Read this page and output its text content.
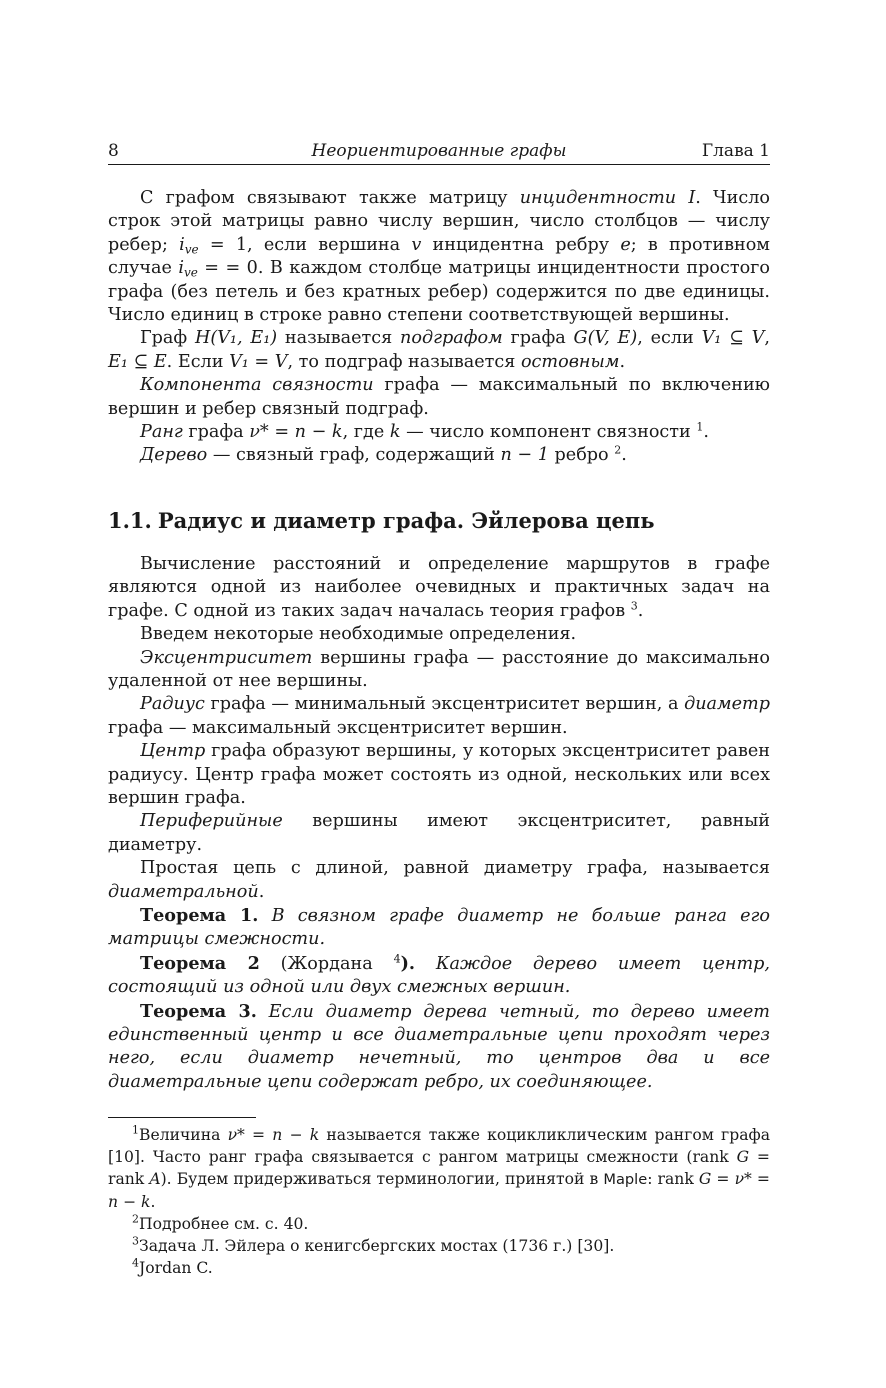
8	Неориентированные графы	Глава 1

С графом связывают также матрицу инцидентности I. Число строк этой матрицы равно числу вершин, число столбцов — числу ребер; $i_{ve} = 1$, если вершина v инцидентна ребру e; в противном случае $i_{ve}$ = = 0. В каждом столбце матрицы инцидентности простого графа (без петель и без кратных ребер) содержится по две единицы. Число единиц в строке равно степени соответствующей вершины.

Граф H(V₁, E₁) называется подграфом графа G(V, E), если V₁ ⊆ V, E₁ ⊆ E. Если V₁ = V, то подграф называется остовным.

Компонента связности графа — максимальный по включению вершин и ребер связный подграф.

Ранг графа ν* = n − k, где k — число компонент связности $^1$.

Дерево — связный граф, содержащий n − 1 ребро $^2$.

1.1. Радиус и диаметр графа. Эйлерова цепь

Вычисление расстояний и определение маршрутов в графе являются одной из наиболее очевидных и практичных задач на графе. С одной из таких задач началась теория графов $^3$.

Введем некоторые необходимые определения.

Эксцентриситет вершины графа — расстояние до максимально удаленной от нее вершины.

Радиус графа — минимальный эксцентриситет вершин, а диаметр графа — максимальный эксцентриситет вершин.

Центр графа образуют вершины, у которых эксцентриситет равен радиусу. Центр графа может состоять из одной, нескольких или всех вершин графа.

Периферийные вершины имеют эксцентриситет, равный диаметру.

Простая цепь с длиной, равной диаметру графа, называется диаметральной.

Теорема 1. В связном графе диаметр не больше ранга его матрицы смежности.

Теорема 2 (Жордана $^4$). Каждое дерево имеет центр, состоящий из одной или двух смежных вершин.

Теорема 3. Если диаметр дерева четный, то дерево имеет единственный центр и все диаметральные цепи проходят через него, если диаметр нечетный, то центров два и все диаметральные цепи содержат ребро, их соединяющее.

$^1$Величина ν* = n − k называется также коцикликлическим рангом графа [10]. Часто ранг графа связывается с рангом матрицы смежности (rank G = rank A). Будем придерживаться терминологии, принятой в Maple: rank G = ν* = n − k.

$^2$Подробнее см. с. 40.

$^3$Задача Л. Эйлера о кенигсбергских мостах (1736 г.) [30].

$^4$Jordan C.
